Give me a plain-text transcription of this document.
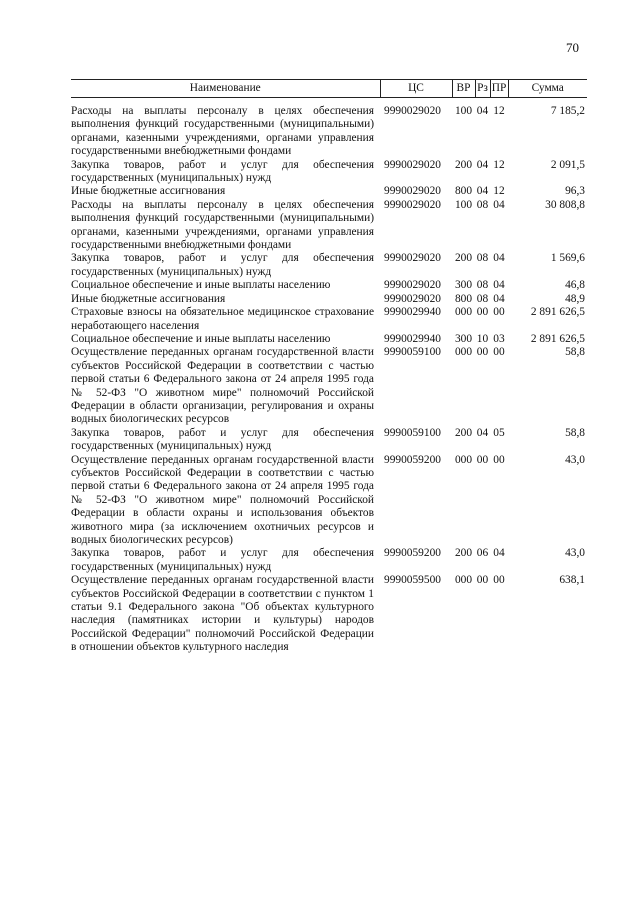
70
Наименование	ЦС	ВР	Рз	ПР	Сумма
Расходы на выплаты персоналу в целях обеспечения выполнения функций государственными (муниципальными) органами, казенными учреждениями, органами управления государственными внебюджетными фондами	9990029020	100	04	12	7 185,2
Закупка товаров, работ и услуг для обеспечения государственных (муниципальных) нужд	9990029020	200	04	12	2 091,5
Иные бюджетные ассигнования	9990029020	800	04	12	96,3
Расходы на выплаты персоналу в целях обеспечения выполнения функций государственными (муниципальными) органами, казенными учреждениями, органами управления государственными внебюджетными фондами	9990029020	100	08	04	30 808,8
Закупка товаров, работ и услуг для обеспечения государственных (муниципальных) нужд	9990029020	200	08	04	1 569,6
Социальное обеспечение и иные выплаты населению	9990029020	300	08	04	46,8
Иные бюджетные ассигнования	9990029020	800	08	04	48,9
Страховые взносы на обязательное медицинское страхование неработающего населения	9990029940	000	00	00	2 891 626,5
Социальное обеспечение и иные выплаты населению	9990029940	300	10	03	2 891 626,5
Осуществление переданных органам государственной власти субъектов Российской Федерации в соответствии с частью первой статьи 6 Федерального закона от 24 апреля 1995 года № 52-ФЗ "О животном мире" полномочий Российской Федерации в области организации, регулирования и охраны водных биологических ресурсов	9990059100	000	00	00	58,8
Закупка товаров, работ и услуг для обеспечения государственных (муниципальных) нужд	9990059100	200	04	05	58,8
Осуществление переданных органам государственной власти субъектов Российской Федерации в соответствии с частью первой статьи 6 Федерального закона от 24 апреля 1995 года № 52-ФЗ "О животном мире" полномочий Российской Федерации в области охраны и использования объектов животного мира (за исключением охотничьих ресурсов и водных биологических ресурсов)	9990059200	000	00	00	43,0
Закупка товаров, работ и услуг для обеспечения государственных (муниципальных) нужд	9990059200	200	06	04	43,0
Осуществление переданных органам государственной власти субъектов Российской Федерации в соответствии с пунктом 1 статьи 9.1 Федерального закона "Об объектах культурного наследия (памятниках истории и культуры) народов Российской Федерации" полномочий Российской Федерации в отношении объектов культурного наследия	9990059500	000	00	00	638,1
